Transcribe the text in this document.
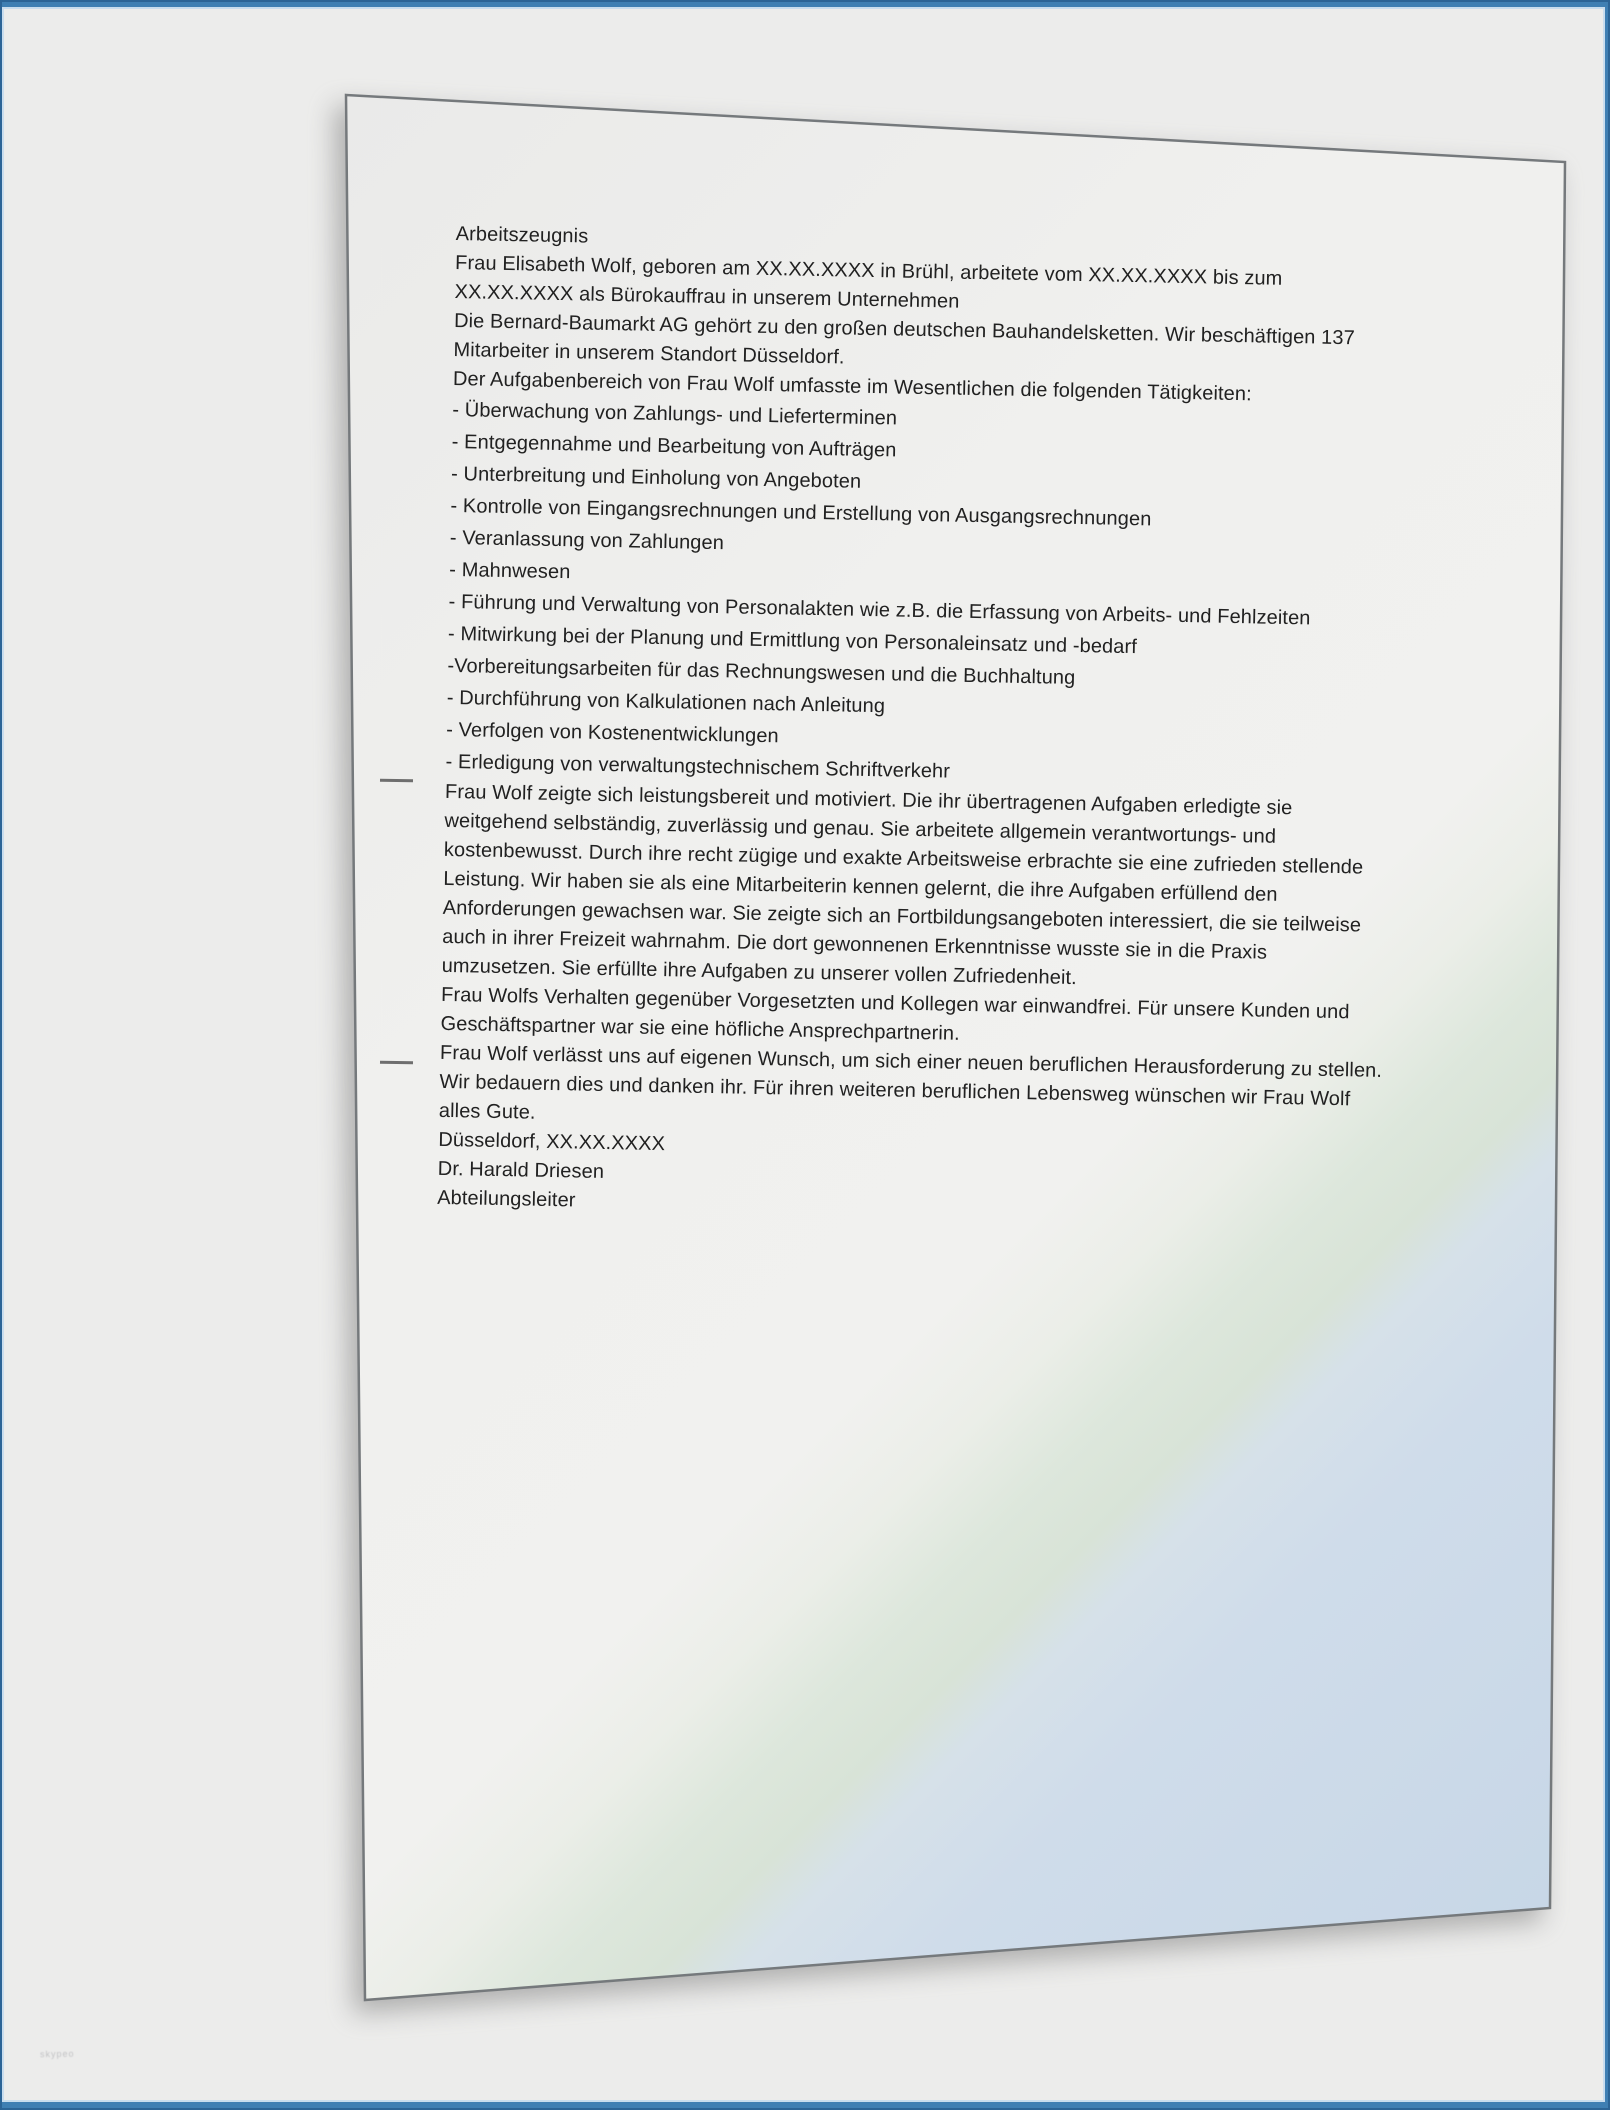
Arbeitszeugnis
Frau Elisabeth Wolf, geboren am XX.XX.XXXX in Brühl, arbeitete vom XX.XX.XXXX bis zum
XX.XX.XXXX als Bürokauffrau in unserem Unternehmen
Die Bernard-Baumarkt AG gehört zu den großen deutschen Bauhandelsketten. Wir beschäftigen 137
Mitarbeiter in unserem Standort Düsseldorf.
Der Aufgabenbereich von Frau Wolf umfasste im Wesentlichen die folgenden Tätigkeiten:
- Überwachung von Zahlungs- und Lieferterminen
- Entgegennahme und Bearbeitung von Aufträgen
- Unterbreitung und Einholung von Angeboten
- Kontrolle von Eingangsrechnungen und Erstellung von Ausgangsrechnungen
- Veranlassung von Zahlungen
- Mahnwesen
- Führung und Verwaltung von Personalakten wie z.B. die Erfassung von Arbeits- und Fehlzeiten
- Mitwirkung bei der Planung und Ermittlung von Personaleinsatz und -bedarf
-Vorbereitungsarbeiten für das Rechnungswesen und die Buchhaltung
- Durchführung von Kalkulationen nach Anleitung
- Verfolgen von Kostenentwicklungen
- Erledigung von verwaltungstechnischem Schriftverkehr
Frau Wolf zeigte sich leistungsbereit und motiviert. Die ihr übertragenen Aufgaben erledigte sie
weitgehend selbständig, zuverlässig und genau. Sie arbeitete allgemein verantwortungs- und
kostenbewusst. Durch ihre recht zügige und exakte Arbeitsweise erbrachte sie eine zufrieden stellende
Leistung. Wir haben sie als eine Mitarbeiterin kennen gelernt, die ihre Aufgaben erfüllend den
Anforderungen gewachsen war. Sie zeigte sich an Fortbildungsangeboten interessiert, die sie teilweise
auch in ihrer Freizeit wahrnahm. Die dort gewonnenen Erkenntnisse wusste sie in die Praxis
umzusetzen. Sie erfüllte ihre Aufgaben zu unserer vollen Zufriedenheit.
Frau Wolfs Verhalten gegenüber Vorgesetzten und Kollegen war einwandfrei. Für unsere Kunden und
Geschäftspartner war sie eine höfliche Ansprechpartnerin.
Frau Wolf verlässt uns auf eigenen Wunsch, um sich einer neuen beruflichen Herausforderung zu stellen.
Wir bedauern dies und danken ihr. Für ihren weiteren beruflichen Lebensweg wünschen wir Frau Wolf
alles Gute.
Düsseldorf, XX.XX.XXXX
Dr. Harald Driesen
Abteilungsleiter
skypeo
